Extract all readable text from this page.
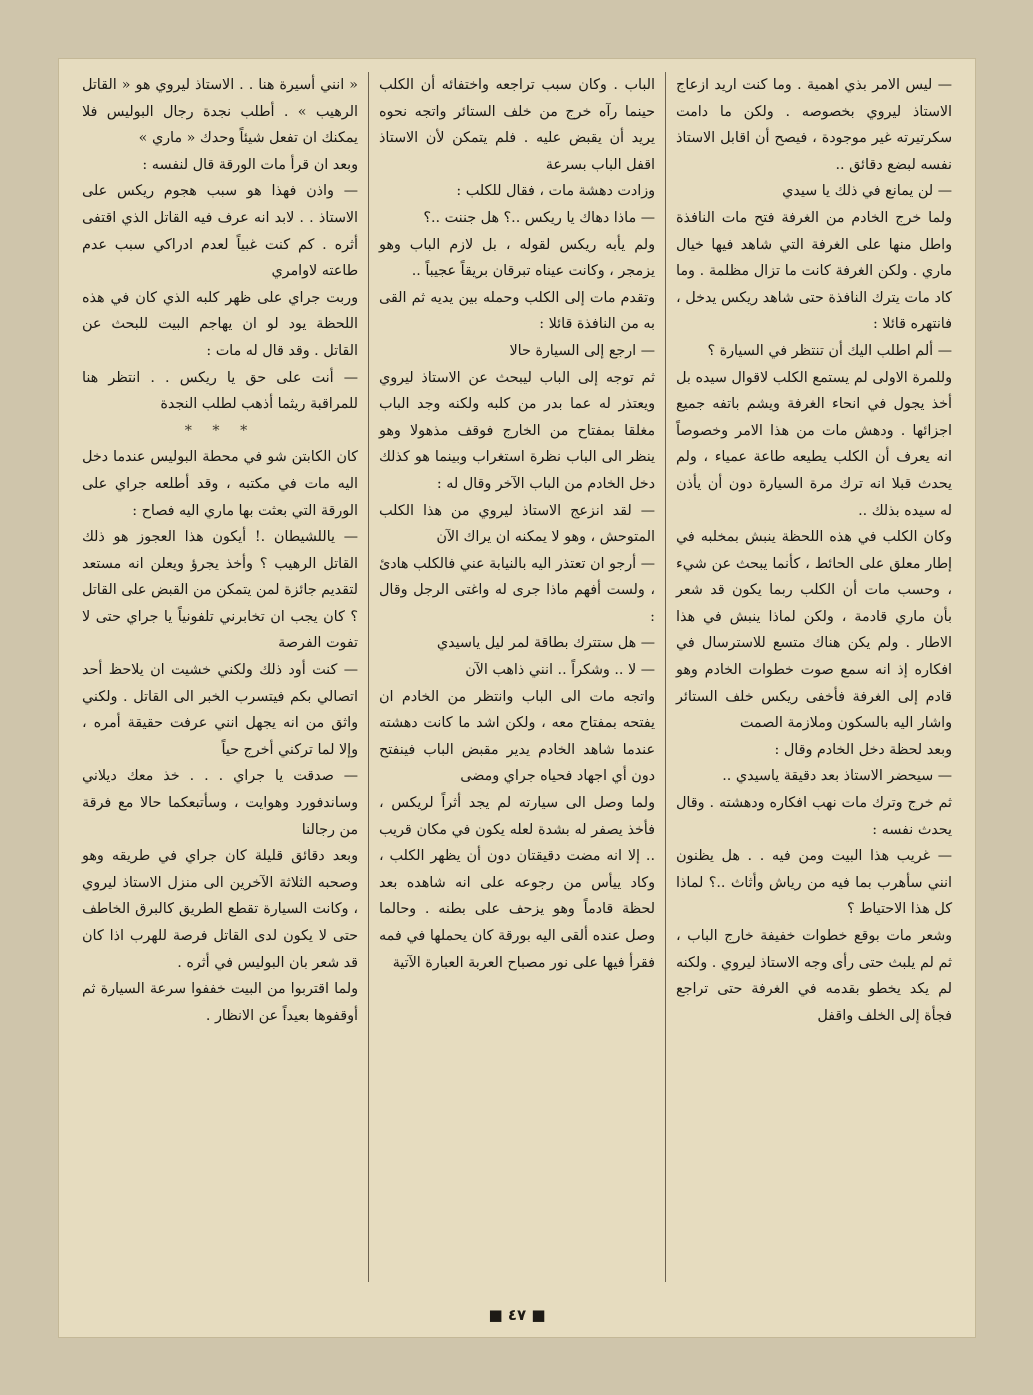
— ليس الامر بذي اهمية . وما كنت اريد ازعاج الاستاذ ليروي بخصوصه . ولكن ما دامت سكرتيرته غير موجودة ، فيصح أن اقابل الاستاذ نفسه لبضع دقائق ..

— لن يمانع في ذلك يا سيدي

ولما خرج الخادم من الغرفة فتح مات النافذة واطل منها على الغرفة التي شاهد فيها خيال ماري . ولكن الغرفة كانت ما تزال مظلمة . وما كاد مات يترك النافذة حتى شاهد ريكس يدخل ، فانتهره قائلا :

— ألم اطلب اليك أن تنتظر في السيارة ؟

وللمرة الاولى لم يستمع الكلب لاقوال سيده بل أخذ يجول في انحاء الغرفة ويشم باتفه جميع اجزائها . ودهش مات من هذا الامر وخصوصاً انه يعرف أن الكلب يطيعه طاعة عمياء ، ولم يحدث قبلا انه ترك مرة السيارة دون أن يأذن له سيده بذلك ..

وكان الكلب في هذه اللحظة ينبش بمخلبه في إطار معلق على الحائط ، كأنما يبحث عن شيء ، وحسب مات أن الكلب ربما يكون قد شعر بأن ماري قادمة ، ولكن لماذا ينبش في هذا الاطار . ولم يكن هناك متسع للاسترسال في افكاره إذ انه سمع صوت خطوات الخادم وهو قادم إلى الغرفة فأخفى ريكس خلف الستائر واشار اليه بالسكون وملازمة الصمت

وبعد لحظة دخل الخادم وقال :

— سيحضر الاستاذ بعد دقيقة ياسيدي ..

ثم خرج وترك مات نهب افكاره ودهشته . وقال يحدث نفسه :

— غريب هذا البيت ومن فيه . . هل يظنون انني سأهرب بما فيه من رياش وأثاث ..؟ لماذا كل هذا الاحتياط ؟

وشعر مات بوقع خطوات خفيفة خارج الباب ، ثم لم يلبث حتى رأى وجه الاستاذ ليروي . ولكنه لم يكد يخطو بقدمه في الغرفة حتى تراجع فجأة إلى الخلف واقفل

الباب . وكان سبب تراجعه واختفائه أن الكلب حينما رآه خرج من خلف الستائر واتجه نحوه يريد أن يقبض عليه . فلم يتمكن لأن الاستاذ اقفل الباب بسرعة

وزادت دهشة مات ، فقال للكلب :

— ماذا دهاك يا ريكس ..؟ هل جننت ..؟

ولم يأبه ريكس لقوله ، بل لازم الباب وهو يزمجر ، وكانت عيناه تبرقان بريقاً عجيباً ..

وتقدم مات إلى الكلب وحمله بين يديه ثم القى به من النافذة قائلا :

— ارجع إلى السيارة حالا

ثم توجه إلى الباب ليبحث عن الاستاذ ليروي ويعتذر له عما بدر من كلبه ولكنه وجد الباب مغلقا بمفتاح من الخارج فوقف مذهولا وهو ينظر الى الباب نظرة استغراب وبينما هو كذلك دخل الخادم من الباب الآخر وقال له :

— لقد انزعج الاستاذ ليروي من هذا الكلب المتوحش ، وهو لا يمكنه ان يراك الآن

— أرجو ان تعتذر اليه بالنيابة عني فالكلب هادئ ، ولست أفهم ماذا جرى له واغتى الرجل وقال :

— هل ستترك بطاقة لمر ليل ياسيدي

— لا .. وشكراً .. انني ذاهب الآن

واتجه مات الى الباب وانتظر من الخادم ان يفتحه بمفتاح معه ، ولكن اشد ما كانت دهشته عندما شاهد الخادم يدير مقبض الباب فينفتح دون أي اجهاد فحياه جراي ومضى

ولما وصل الى سيارته لم يجد أثراً لريكس ، فأخذ يصفر له بشدة لعله يكون في مكان قريب .. إلا انه مضت دقيقتان دون أن يظهر الكلب ، وكاد ييأس من رجوعه على انه شاهده بعد لحظة قادماً وهو يزحف على بطنه . وحالما وصل عنده ألقى اليه بورقة كان يحملها في فمه فقرأ فيها على نور مصباح العربة العبارة الآتية

« انني أسيرة هنا . . الاستاذ ليروي هو « القاتل الرهيب » . أطلب نجدة رجال البوليس فلا يمكنك ان تفعل شيئاً وحدك « ماري »

وبعد ان قرأ مات الورقة قال لنفسه :

— واذن فهذا هو سبب هجوم ريكس على الاستاذ . . لابد انه عرف فيه القاتل الذي اقتفى أثره . كم كنت غبياً لعدم ادراكي سبب عدم طاعته لاوامري

وربت جراي على ظهر كلبه الذي كان في هذه اللحظة يود لو ان يهاجم البيت للبحث عن القاتل . وقد قال له مات :

— أنت على حق يا ريكس . . انتظر هنا للمراقبة ريثما أذهب لطلب النجدة

* * *

كان الكابتن شو في محطة البوليس عندما دخل اليه مات في مكتبه ، وقد أطلعه جراي على الورقة التي بعثت بها ماري اليه فصاح :

— ياللشيطان .! أيكون هذا العجوز هو ذلك القاتل الرهيب ؟ وأخذ يجرؤ ويعلن انه مستعد لتقديم جائزة لمن يتمكن من القبض على القاتل ؟ كان يجب ان تخابرني تلفونياً يا جراي حتى لا تفوت الفرصة

— كنت أود ذلك ولكني خشيت ان يلاحظ أحد اتصالي بكم فيتسرب الخبر الى القاتل . ولكني واثق من انه يجهل انني عرفت حقيقة أمره ، وإلا لما تركني أخرج حياً

— صدقت يا جراي . . . خذ معك ديلاني وساندفورد وهوايت ، وسأتبعكما حالا مع فرقة من رجالنا

وبعد دقائق قليلة كان جراي في طريقه وهو وصحبه الثلاثة الآخرين الى منزل الاستاذ ليروي ، وكانت السيارة تقطع الطريق كالبرق الخاطف حتى لا يكون لدى القاتل فرصة للهرب اذا كان قد شعر بان البوليس في أثره .

ولما اقتربوا من البيت خففوا سرعة السيارة ثم أوقفوها بعيداً عن الانظار .

■ ٤٧ ■
